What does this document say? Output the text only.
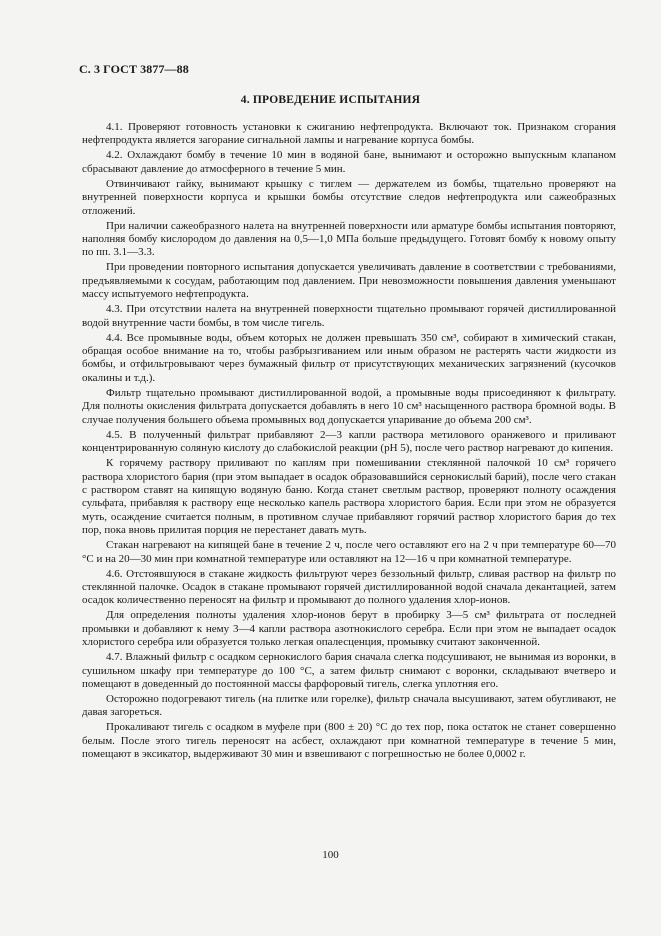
С. 3 ГОСТ 3877—88
4. ПРОВЕДЕНИЕ ИСПЫТАНИЯ

4.1. Проверяют готовность установки к сжиганию нефтепродукта. Включают ток. Признаком сгорания нефтепродукта является загорание сигнальной лампы и нагревание корпуса бомбы.

4.2. Охлаждают бомбу в течение 10 мин в водяной бане, вынимают и осторожно выпускным клапаном сбрасывают давление до атмосферного в течение 5 мин.

Отвинчивают гайку, вынимают крышку с тиглем — держателем из бомбы, тщательно проверяют на внутренней поверхности корпуса и крышки бомбы отсутствие следов нефтепродукта или сажеобразных отложений.

При наличии сажеобразного налета на внутренней поверхности или арматуре бомбы испытания повторяют, наполняя бомбу кислородом до давления на 0,5—1,0 МПа больше предыдущего. Готовят бомбу к новому опыту по пп. 3.1—3.3.

При проведении повторного испытания допускается увеличивать давление в соответствии с требованиями, предъявляемыми к сосудам, работающим под давлением. При невозможности повышения давления уменьшают массу испытуемого нефтепродукта.

4.3. При отсутствии налета на внутренней поверхности тщательно промывают горячей дистиллированной водой внутренние части бомбы, в том числе тигель.

4.4. Все промывные воды, объем которых не должен превышать 350 см³, собирают в химический стакан, обращая особое внимание на то, чтобы разбрызгиванием или иным образом не растерять части жидкости из бомбы, и отфильтровывают через бумажный фильтр от присутствующих механических загрязнений (кусочков окалины и т.д.).

Фильтр тщательно промывают дистиллированной водой, а промывные воды присоединяют к фильтрату. Для полноты окисления фильтрата допускается добавлять в него 10 см³ насыщенного раствора бромной воды. В случае получения большего объема промывных вод допускается упаривание до объема 200 см³.

4.5. В полученный фильтрат прибавляют 2—3 капли раствора метилового оранжевого и приливают концентрированную соляную кислоту до слабокислой реакции (pH 5), после чего раствор нагревают до кипения.

К горячему раствору приливают по каплям при помешивании стеклянной палочкой 10 см³ горячего раствора хлористого бария (при этом выпадает в осадок образовавшийся сернокислый барий), после чего стакан с раствором ставят на кипящую водяную баню. Когда станет светлым раствор, проверяют полноту осаждения сульфата, прибавляя к раствору еще несколько капель раствора хлористого бария. Если при этом не образуется муть, осаждение считается полным, в противном случае прибавляют горячий раствор хлористого бария до тех пор, пока вновь прилитая порция не перестанет давать муть.

Стакан нагревают на кипящей бане в течение 2 ч, после чего оставляют его на 2 ч при температуре 60—70 °С и на 20—30 мин при комнатной температуре или оставляют на 12—16 ч при комнатной температуре.

4.6. Отстоявшуюся в стакане жидкость фильтруют через беззольный фильтр, сливая раствор на фильтр по стеклянной палочке. Осадок в стакане промывают горячей дистиллированной водой сначала декантацией, затем осадок количественно переносят на фильтр и промывают до полного удаления хлор-ионов.

Для определения полноты удаления хлор-ионов берут в пробирку 3—5 см³ фильтрата от последней промывки и добавляют к нему 3—4 капли раствора азотнокислого серебра. Если при этом не выпадает осадок хлористого серебра или образуется только легкая опалесценция, промывку считают законченной.

4.7. Влажный фильтр с осадком сернокислого бария сначала слегка подсушивают, не вынимая из воронки, в сушильном шкафу при температуре до 100 °С, а затем фильтр снимают с воронки, складывают вчетверо и помещают в доведенный до постоянной массы фарфоровый тигель, слегка уплотняя его.

Осторожно подогревают тигель (на плитке или горелке), фильтр сначала высушивают, затем обугливают, не давая загореться.

Прокаливают тигель с осадком в муфеле при (800 ± 20) °С до тех пор, пока остаток не станет совершенно белым. После этого тигель переносят на асбест, охлаждают при комнатной температуре в течение 5 мин, помещают в эксикатор, выдерживают 30 мин и взвешивают с погрешностью не более 0,0002 г.

100
